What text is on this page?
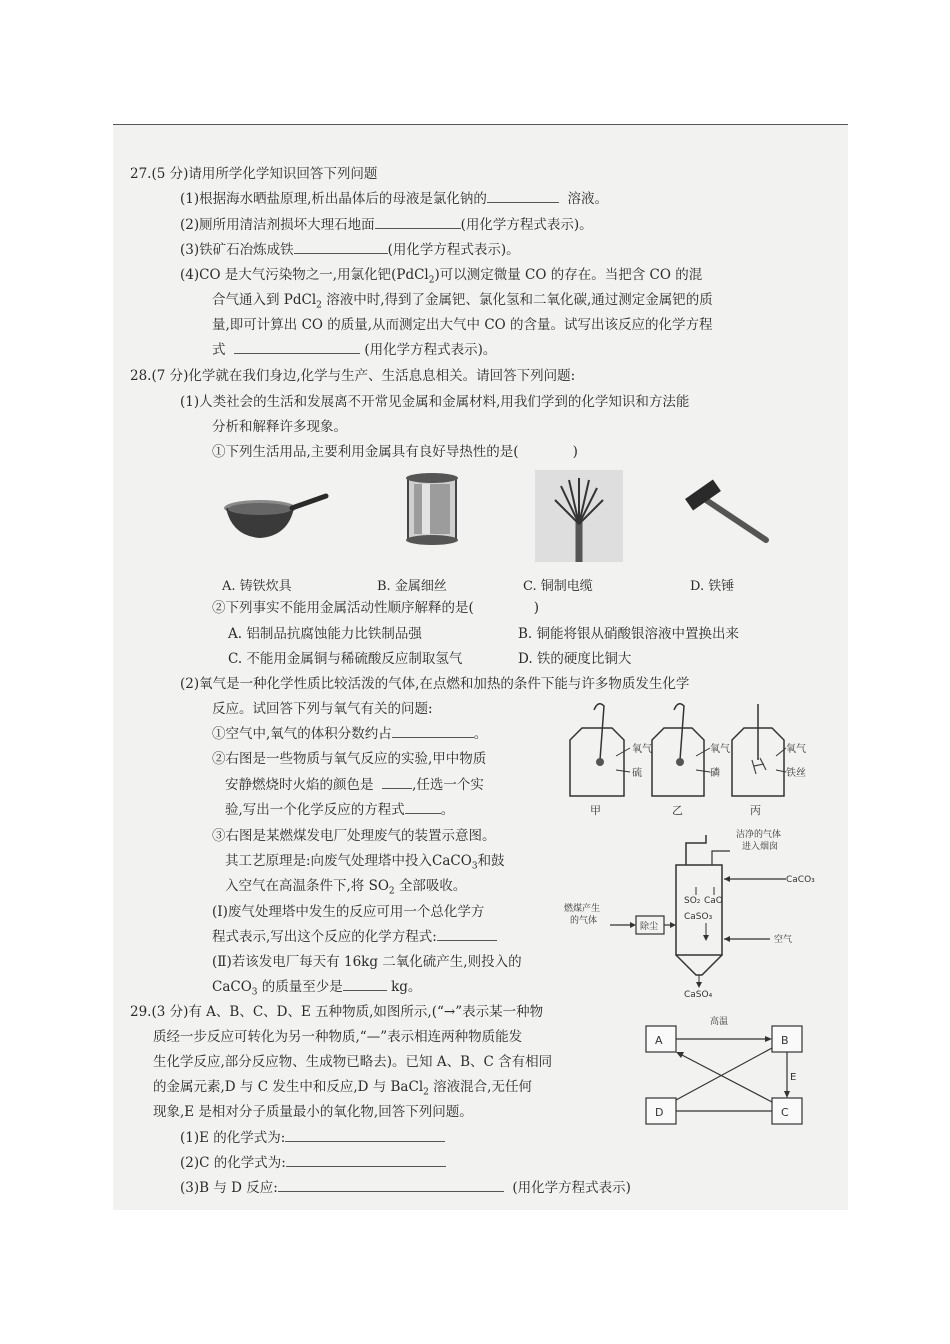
27.(5 分)请用所学化学知识回答下列问题
(1)根据海水晒盐原理,析出晶体后的母液是氯化钠的	溶液。
(2)厕所用清洁剂损坏大理石地面	(用化学方程式表示)。
(3)铁矿石冶炼成铁	(用化学方程式表示)。
(4)CO 是大气污染物之一,用氯化钯(PdCl$_2$)可以测定微量 CO 的存在。当把含 CO 的混
合气通入到 PdCl$_2$ 溶液中时,得到了金属钯、氯化氢和二氧化碳,通过测定金属钯的质
量,即可计算出 CO 的质量,从而测定出大气中 CO 的含量。试写出该反应的化学方程
式	(用化学方程式表示)。
28.(7 分)化学就在我们身边,化学与生产、生活息息相关。请回答下列问题:
(1)人类社会的生活和发展离不开常见金属和金属材料,用我们学到的化学知识和方法能
分析和解释许多现象。
①下列生活用品,主要利用金属具有良好导热性的是(	)
A. 铸铁炊具	B. 金属细丝	C. 铜制电缆	D. 铁锤
②下列事实不能用金属活动性顺序解释的是(	)
A. 铝制品抗腐蚀能力比铁制品强	B. 铜能将银从硝酸银溶液中置换出来
C. 不能用金属铜与稀硫酸反应制取氢气	D. 铁的硬度比铜大
(2)氧气是一种化学性质比较活泼的气体,在点燃和加热的条件下能与许多物质发生化学
反应。试回答下列与氧气有关的问题:
①空气中,氧气的体积分数约占	。
②右图是一些物质与氧气反应的实验,甲中物质
安静燃烧时火焰的颜色是	,任选一个实
验,写出一个化学反应的方程式	。
③右图是某燃煤发电厂处理废气的装置示意图。
其工艺原理是:向废气处理塔中投入CaCO$_3$和鼓
入空气在高温条件下,将 $SO_2$ 全部吸收。
(Ⅰ)废气处理塔中发生的反应可用一个总化学方
程式表示,写出这个反应的化学方程式:
(Ⅱ)若该发电厂每天有 16kg 二氧化硫产生,则投入的
CaCO$_3$ 的质量至少是	kg。
氧气
硫
甲
氧气
磷
乙
氧气
铁丝
丙
洁净的气体
进入烟囱
CaCO₃
SO₂ CaO
CaSO₃
燃煤产生
的气体
除尘
空气
CaSO₄
29.(3 分)有 A、B、C、D、E 五种物质,如图所示,(“→”表示某一种物
质经一步反应可转化为另一种物质,“—”表示相连两种物质能发
生化学反应,部分反应物、生成物已略去)。已知 A、B、C 含有相同
的金属元素,D 与 C 发生中和反应,D 与 BaCl$_2$ 溶液混合,无任何
现象,E 是相对分子质量最小的氧化物,回答下列问题。
(1)E 的化学式为:
(2)C 的化学式为:
(3)B 与 D 反应:	(用化学方程式表示)
A	B
D	C
高温
E
